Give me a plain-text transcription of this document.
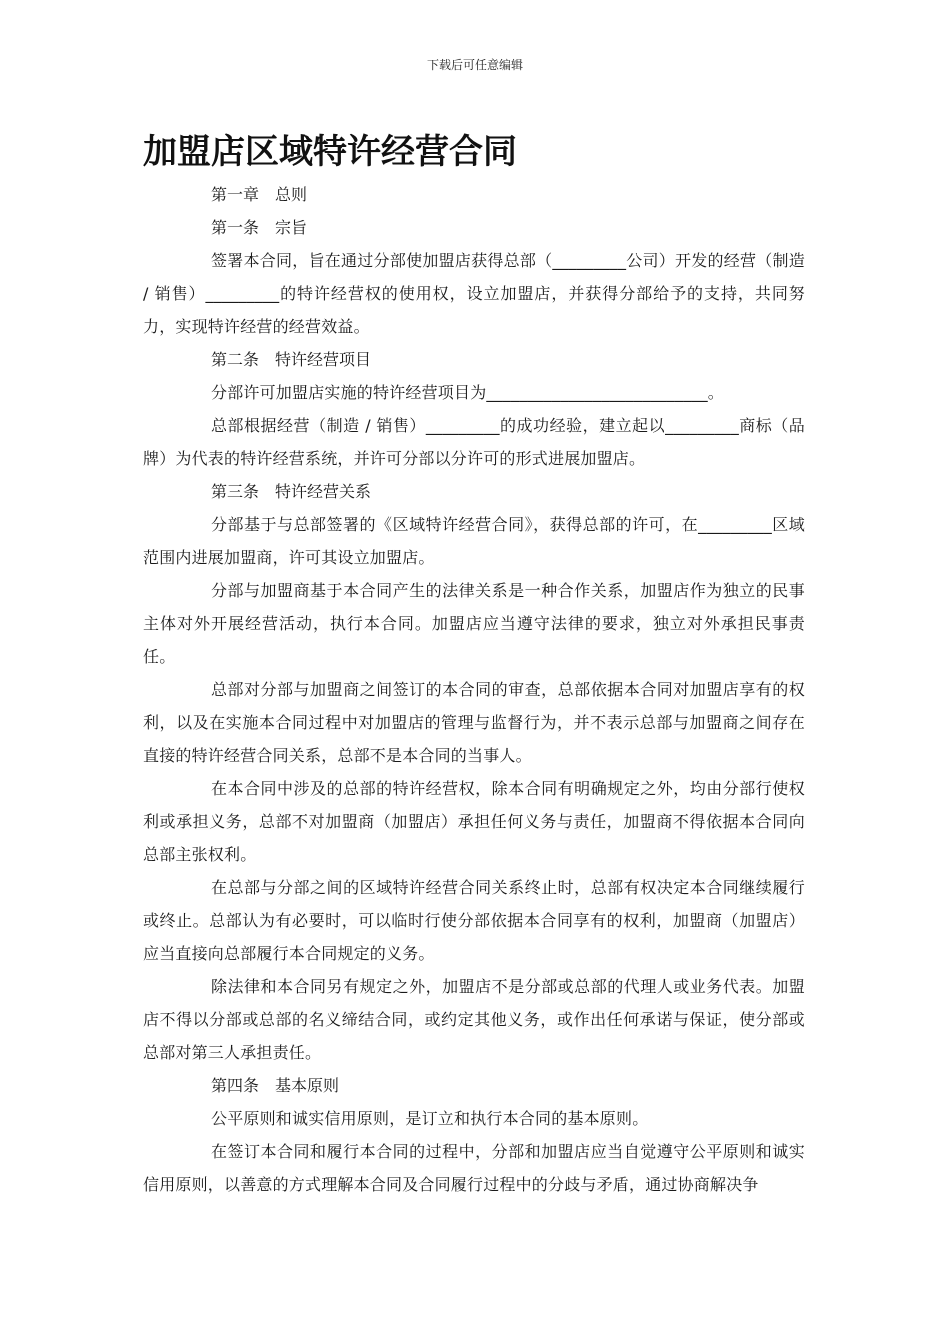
下载后可任意编辑
加盟店区域特许经营合同

第一章　总则

第一条　宗旨

签署本合同，旨在通过分部使加盟店获得总部（_________公司）开发的经营（制造 / 销售）_________的特许经营权的使用权，设立加盟店，并获得分部给予的支持，共同努力，实现特许经营的经营效益。

第二条　特许经营项目

分部许可加盟店实施的特许经营项目为___________________________。

总部根据经营（制造 / 销售）_________的成功经验，建立起以_________商标（品牌）为代表的特许经营系统，并许可分部以分许可的形式进展加盟店。

第三条　特许经营关系

分部基于与总部签署的《区域特许经营合同》，获得总部的许可，在_________区域范围内进展加盟商，许可其设立加盟店。

分部与加盟商基于本合同产生的法律关系是一种合作关系，加盟店作为独立的民事主体对外开展经营活动，执行本合同。加盟店应当遵守法律的要求，独立对外承担民事责任。

总部对分部与加盟商之间签订的本合同的审查，总部依据本合同对加盟店享有的权利，以及在实施本合同过程中对加盟店的管理与监督行为，并不表示总部与加盟商之间存在直接的特许经营合同关系，总部不是本合同的当事人。

在本合同中涉及的总部的特许经营权，除本合同有明确规定之外，均由分部行使权利或承担义务，总部不对加盟商（加盟店）承担任何义务与责任，加盟商不得依据本合同向总部主张权利。

在总部与分部之间的区域特许经营合同关系终止时，总部有权决定本合同继续履行或终止。总部认为有必要时，可以临时行使分部依据本合同享有的权利，加盟商（加盟店）应当直接向总部履行本合同规定的义务。

除法律和本合同另有规定之外，加盟店不是分部或总部的代理人或业务代表。加盟店不得以分部或总部的名义缔结合同，或约定其他义务，或作出任何承诺与保证，使分部或总部对第三人承担责任。

第四条　基本原则

公平原则和诚实信用原则，是订立和执行本合同的基本原则。

在签订本合同和履行本合同的过程中，分部和加盟店应当自觉遵守公平原则和诚实信用原则，以善意的方式理解本合同及合同履行过程中的分歧与矛盾，通过协商解决争
